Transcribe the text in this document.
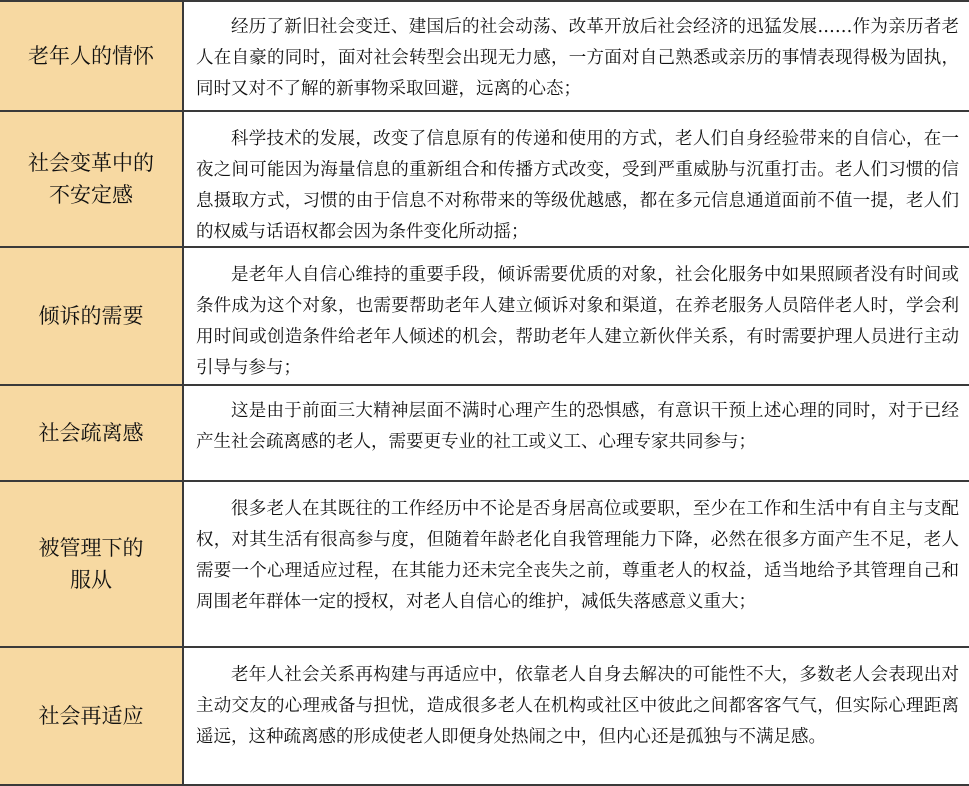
老年人的情怀
经历了新旧社会变迁、建国后的社会动荡、改革开放后社会经济的迅猛发展……作为亲历者老人在自豪的同时，面对社会转型会出现无力感，一方面对自己熟悉或亲历的事情表现得极为固执，同时又对不了解的新事物采取回避，远离的心态；
社会变革中的不安定感
科学技术的发展，改变了信息原有的传递和使用的方式，老人们自身经验带来的自信心，在一夜之间可能因为海量信息的重新组合和传播方式改变，受到严重威胁与沉重打击。老人们习惯的信息摄取方式，习惯的由于信息不对称带来的等级优越感，都在多元信息通道面前不值一提，老人们的权威与话语权都会因为条件变化所动摇；
倾诉的需要
是老年人自信心维持的重要手段，倾诉需要优质的对象，社会化服务中如果照顾者没有时间或条件成为这个对象，也需要帮助老年人建立倾诉对象和渠道，在养老服务人员陪伴老人时，学会利用时间或创造条件给老年人倾述的机会，帮助老年人建立新伙伴关系，有时需要护理人员进行主动引导与参与；
社会疏离感
这是由于前面三大精神层面不满时心理产生的恐惧感，有意识干预上述心理的同时，对于已经产生社会疏离感的老人，需要更专业的社工或义工、心理专家共同参与；
被管理下的服从
很多老人在其既往的工作经历中不论是否身居高位或要职，至少在工作和生活中有自主与支配权，对其生活有很高参与度，但随着年龄老化自我管理能力下降，必然在很多方面产生不足，老人需要一个心理适应过程，在其能力还未完全丧失之前，尊重老人的权益，适当地给予其管理自己和周围老年群体一定的授权，对老人自信心的维护，减低失落感意义重大；
社会再适应
老年人社会关系再构建与再适应中，依靠老人自身去解决的可能性不大，多数老人会表现出对主动交友的心理戒备与担忧，造成很多老人在机构或社区中彼此之间都客客气气，但实际心理距离遥远，这种疏离感的形成使老人即便身处热闹之中，但内心还是孤独与不满足感。
